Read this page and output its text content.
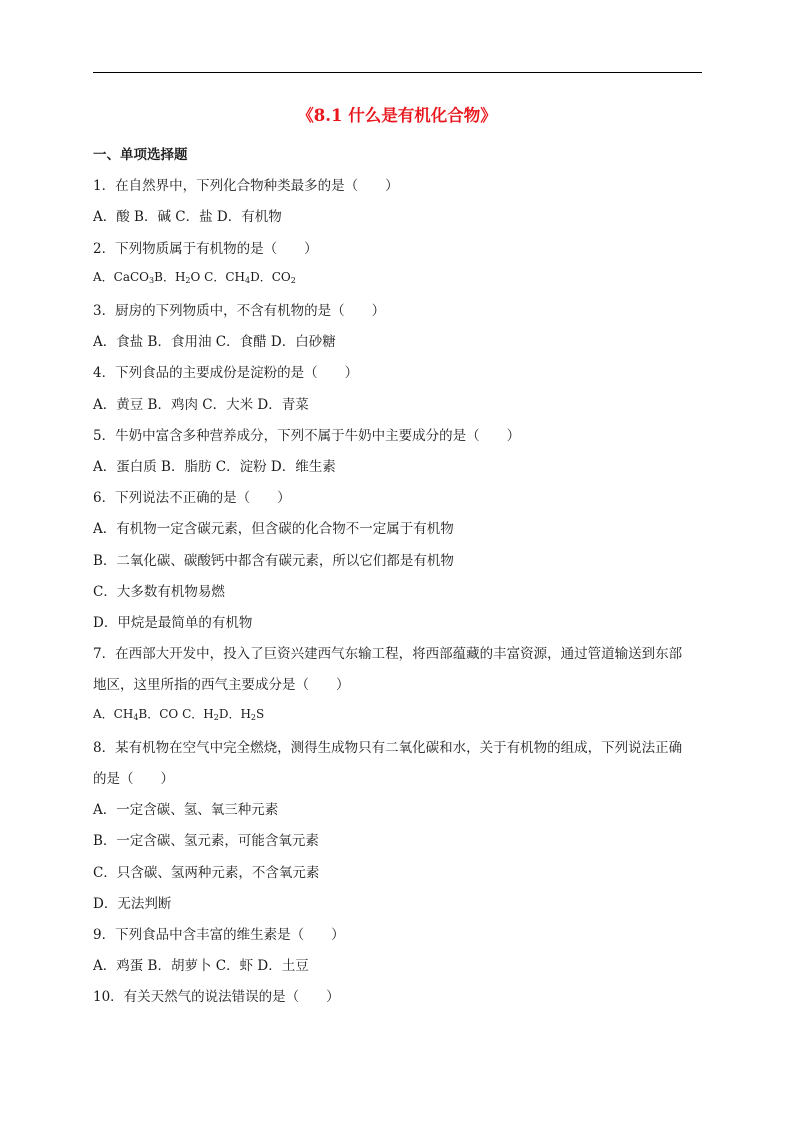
《8.1 什么是有机化合物》
一、单项选择题
1．在自然界中，下列化合物种类最多的是（　　）
A．酸 B．碱 C．盐 D．有机物
2．下列物质属于有机物的是（　　）
A．CaCO$_3$B．$H_2O$ C．$CH_4D$．$CO_2$
3．厨房的下列物质中，不含有机物的是（　　）
A．食盐 B．食用油 C．食醋 D．白砂糖
4．下列食品的主要成份是淀粉的是（　　）
A．黄豆 B．鸡肉 C．大米 D．青菜
5．牛奶中富含多种营养成分，下列不属于牛奶中主要成分的是（　　）
A．蛋白质 B．脂肪 C．淀粉 D．维生素
6．下列说法不正确的是（　　）
A．有机物一定含碳元素，但含碳的化合物不一定属于有机物
B．二氧化碳、碳酸钙中都含有碳元素，所以它们都是有机物
C．大多数有机物易燃
D．甲烷是最简单的有机物
7．在西部大开发中，投入了巨资兴建西气东输工程，将西部蕴藏的丰富资源，通过管道输送到东部
地区，这里所指的西气主要成分是（　　）
A．$CH_4B$．CO C．$H_2D$．$H_2S$
8．某有机物在空气中完全燃烧，测得生成物只有二氧化碳和水，关于有机物的组成，下列说法正确
的是（　　）
A．一定含碳、氢、氧三种元素
B．一定含碳、氢元素，可能含氧元素
C．只含碳、氢两种元素，不含氧元素
D．无法判断
9．下列食品中含丰富的维生素是（　　）
A．鸡蛋 B．胡萝卜 C．虾 D．土豆
10．有关天然气的说法错误的是（　　）
